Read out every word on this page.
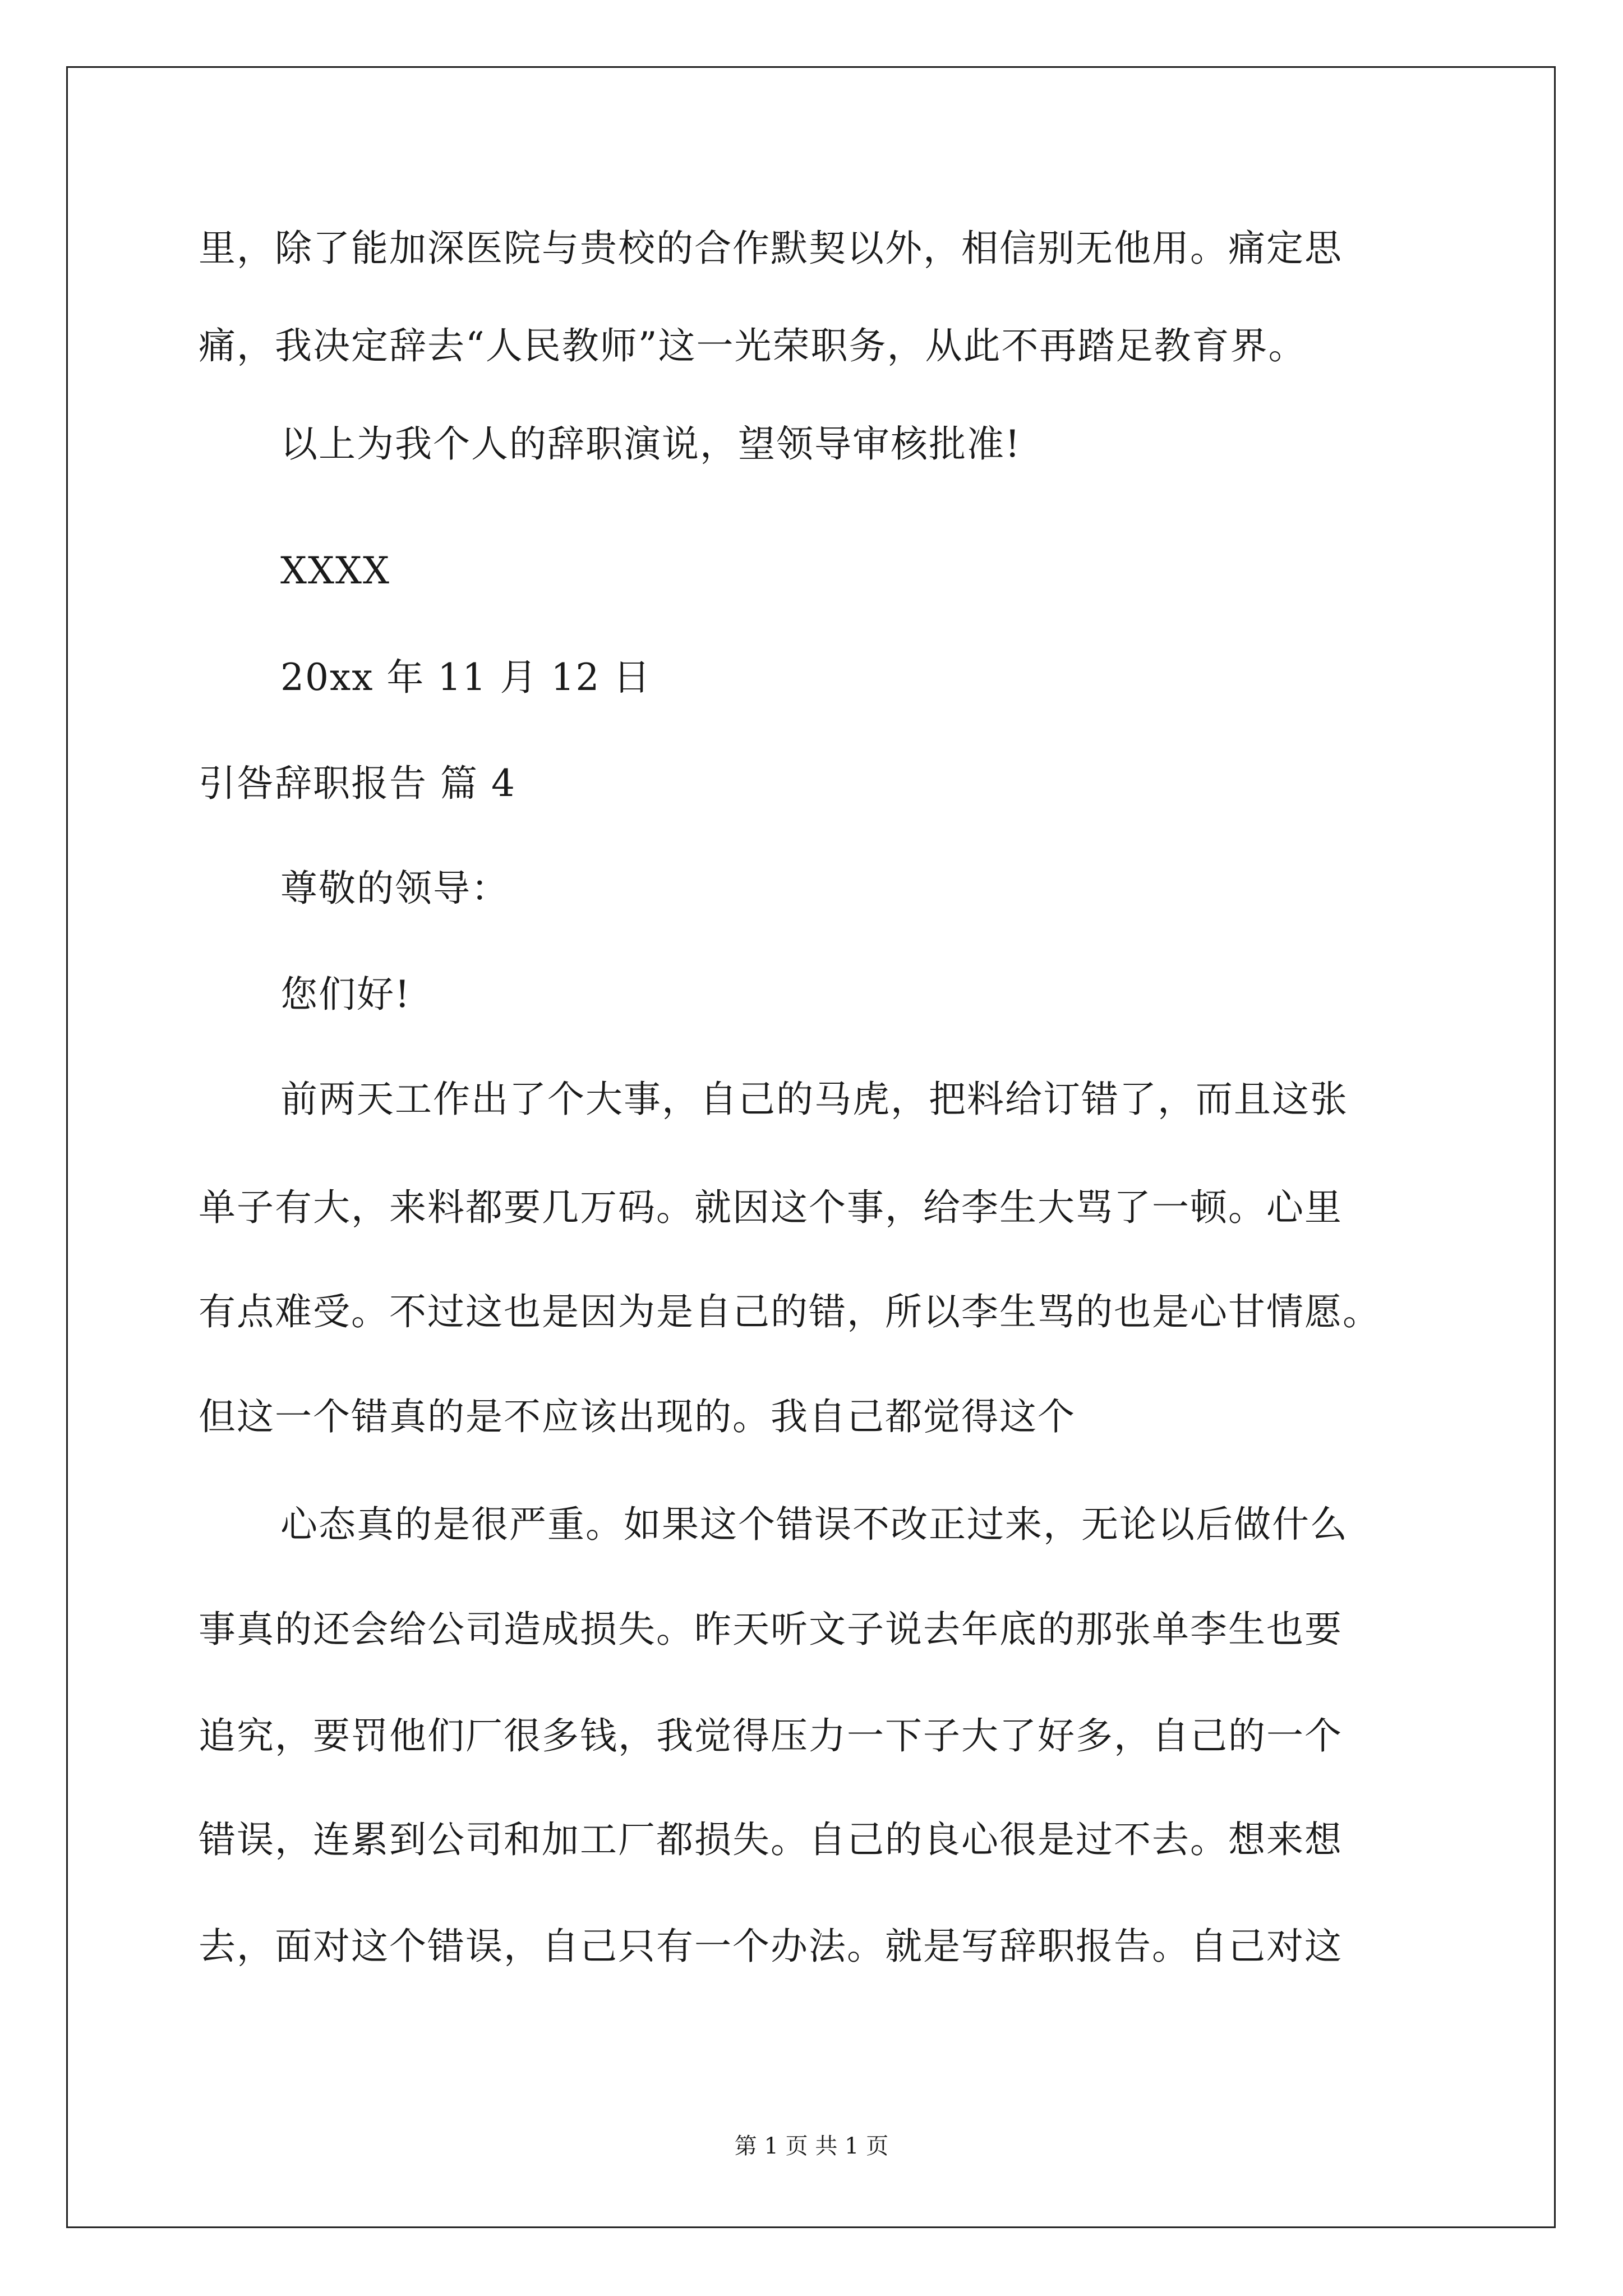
里，除了能加深医院与贵校的合作默契以外，相信别无他用。痛定思
痛，我决定辞去“人民教师”这一光荣职务，从此不再踏足教育界。
以上为我个人的辞职演说，望领导审核批准!
XXXX
20xx 年 11 月 12 日
引咎辞职报告 篇 4
尊敬的领导：
您们好!
前两天工作出了个大事，自己的马虎，把料给订错了，而且这张
单子有大，来料都要几万码。就因这个事，给李生大骂了一顿。心里
有点难受。不过这也是因为是自己的错，所以李生骂的也是心甘情愿。
但这一个错真的是不应该出现的。我自己都觉得这个
心态真的是很严重。如果这个错误不改正过来，无论以后做什么
事真的还会给公司造成损失。昨天听文子说去年底的那张单李生也要
追究，要罚他们厂很多钱，我觉得压力一下子大了好多，自己的一个
错误，连累到公司和加工厂都损失。自己的良心很是过不去。想来想
去，面对这个错误，自己只有一个办法。就是写辞职报告。自己对这
第 1 页 共 1 页
